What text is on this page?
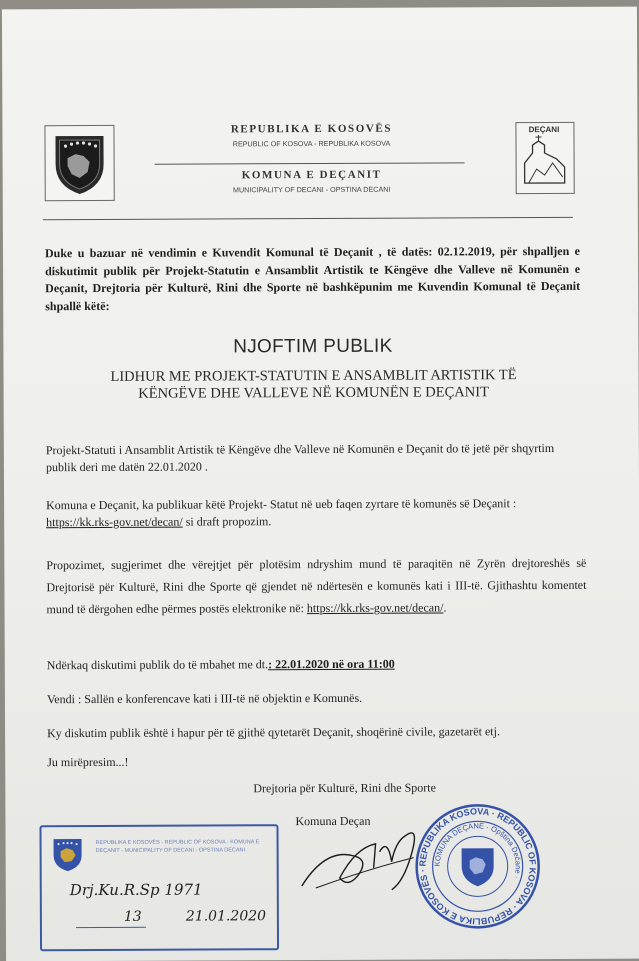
REPUBLIKA E KOSOVËS
REPUBLIC OF KOSOVA - REPUBLIKA KOSOVA
KOMUNA E DEÇANIT
MUNICIPALITY OF DECANI - OPSTINA DECANI
DEÇANI
Duke u bazuar në vendimin e Kuvendit Komunal të Deçanit , të datës: 02.12.2019, për shpalljen e diskutimit publik për Projekt-Statutin e Ansamblit Artistik te Këngëve dhe Valleve në Komunën e Deçanit, Drejtoria për Kulturë, Rini dhe Sporte në bashkëpunim me Kuvendin Komunal të Deçanit shpallë këtë:
NJOFTIM PUBLIK
LIDHUR ME PROJEKT-STATUTIN E ANSAMBLIT ARTISTIK TË
KËNGËVE DHE VALLEVE NË KOMUNËN E DEÇANIT
Projekt-Statuti i Ansamblit Artistik të Këngëve dhe Valleve në Komunën e Deçanit do të jetë për shqyrtim publik deri me datën 22.01.2020 .
Komuna e Deçanit, ka publikuar këtë Projekt- Statut në ueb faqen zyrtare të komunës së Deçanit : https://kk.rks-gov.net/decan/ si draft propozim.
Propozimet, sugjerimet dhe vërejtjet për plotësim ndryshim mund të paraqitën në Zyrën drejtoreshës së Drejtorisë për Kulturë, Rini dhe Sporte që gjendet në ndërtesën e komunës kati i III-të. Gjithashtu komentet mund të dërgohen edhe përmes postës elektronike në: https://kk.rks-gov.net/decan/.
Ndërkaq diskutimi publik do të mbahet me dt.: 22.01.2020 në ora 11:00
Vendi : Sallën e konferencave kati i III-të në objektin e Komunës.
Ky diskutim publik është i hapur për të gjithë qytetarët Deçanit, shoqërinë civile, gazetarët etj.
Ju mirëpresim...!
Drejtoria për Kulturë, Rini dhe Sporte
Komuna Deçan
REPUBLIKA E KOSOVËS - REPUBLIC OF KOSOVA - KOMUNA E DEÇANIT - MUNICIPALITY OF DECANI - OPSTINA DECANI
Drj.Ku.R.Sp 1971
13	21.01.2020
REPUBLIKA KOSOVA · REPUBLIC OF KOSOVA · REPUBLIKA E KOSOVËS ·
KOMUNA DEÇANE · Opština Dečane ·
